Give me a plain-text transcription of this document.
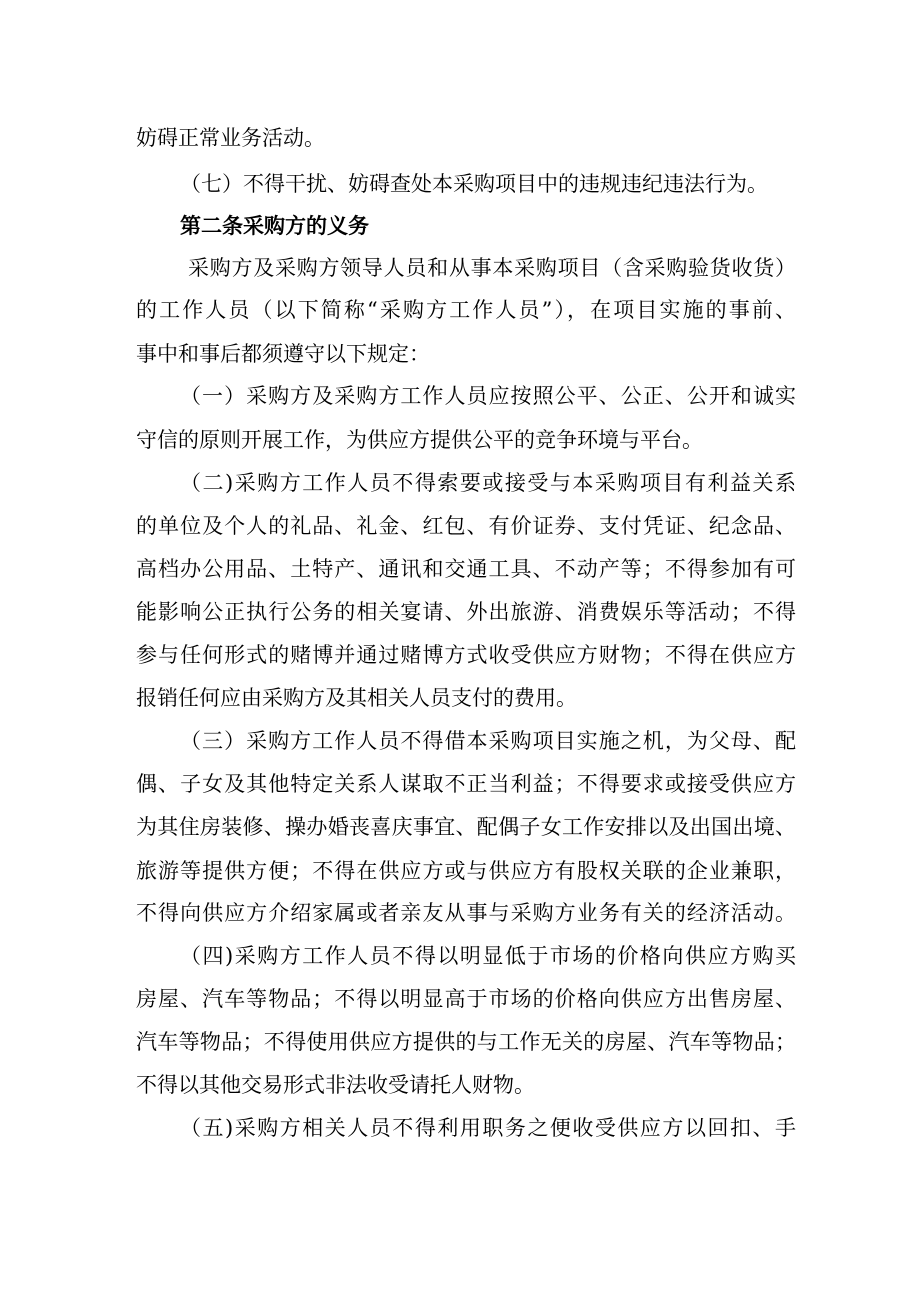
妨碍正常业务活动。
（七）不得干扰、妨碍查处本采购项目中的违规违纪违法行为。
第二条采购方的义务
采购方及采购方领导人员和从事本采购项目（含采购验货收货）
的工作人员（以下简称“采购方工作人员”），在项目实施的事前、
事中和事后都须遵守以下规定：
（一）采购方及采购方工作人员应按照公平、公正、公开和诚实
守信的原则开展工作，为供应方提供公平的竞争环境与平台。
（二)采购方工作人员不得索要或接受与本采购项目有利益关系
的单位及个人的礼品、礼金、红包、有价证券、支付凭证、纪念品、
高档办公用品、土特产、通讯和交通工具、不动产等；不得参加有可
能影响公正执行公务的相关宴请、外出旅游、消费娱乐等活动；不得
参与任何形式的赌博并通过赌博方式收受供应方财物；不得在供应方
报销任何应由采购方及其相关人员支付的费用。
（三）采购方工作人员不得借本采购项目实施之机，为父母、配
偶、子女及其他特定关系人谋取不正当利益；不得要求或接受供应方
为其住房装修、操办婚丧喜庆事宜、配偶子女工作安排以及出国出境、
旅游等提供方便；不得在供应方或与供应方有股权关联的企业兼职，
不得向供应方介绍家属或者亲友从事与采购方业务有关的经济活动。
（四)采购方工作人员不得以明显低于市场的价格向供应方购买
房屋、汽车等物品；不得以明显高于市场的价格向供应方出售房屋、
汽车等物品；不得使用供应方提供的与工作无关的房屋、汽车等物品；
不得以其他交易形式非法收受请托人财物。
（五)采购方相关人员不得利用职务之便收受供应方以回扣、手
